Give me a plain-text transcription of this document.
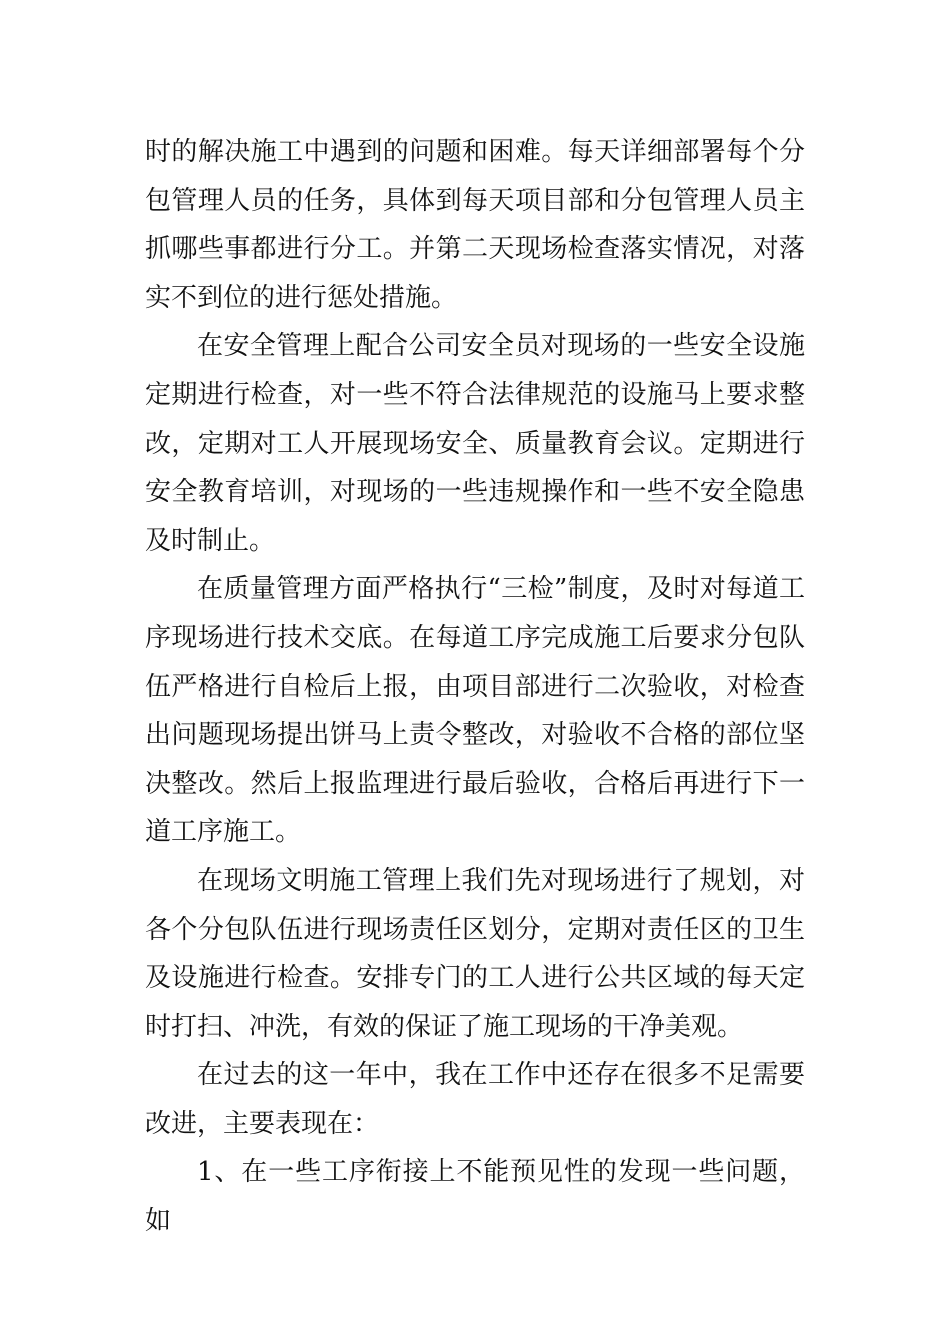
时的解决施工中遇到的问题和困难。每天详细部署每个分包管理人员的任务，具体到每天项目部和分包管理人员主抓哪些事都进行分工。并第二天现场检查落实情况，对落实不到位的进行惩处措施。

在安全管理上配合公司安全员对现场的一些安全设施定期进行检查，对一些不符合法律规范的设施马上要求整改，定期对工人开展现场安全、质量教育会议。定期进行安全教育培训，对现场的一些违规操作和一些不安全隐患及时制止。

在质量管理方面严格执行“三检”制度，及时对每道工序现场进行技术交底。在每道工序完成施工后要求分包队伍严格进行自检后上报，由项目部进行二次验收，对检查出问题现场提出饼马上责令整改，对验收不合格的部位坚决整改。然后上报监理进行最后验收，合格后再进行下一道工序施工。

在现场文明施工管理上我们先对现场进行了规划，对各个分包队伍进行现场责任区划分，定期对责任区的卫生及设施进行检查。安排专门的工人进行公共区域的每天定时打扫、冲洗，有效的保证了施工现场的干净美观。

在过去的这一年中，我在工作中还存在很多不足需要改进，主要表现在：

1、在一些工序衔接上不能预见性的发现一些问题，如
